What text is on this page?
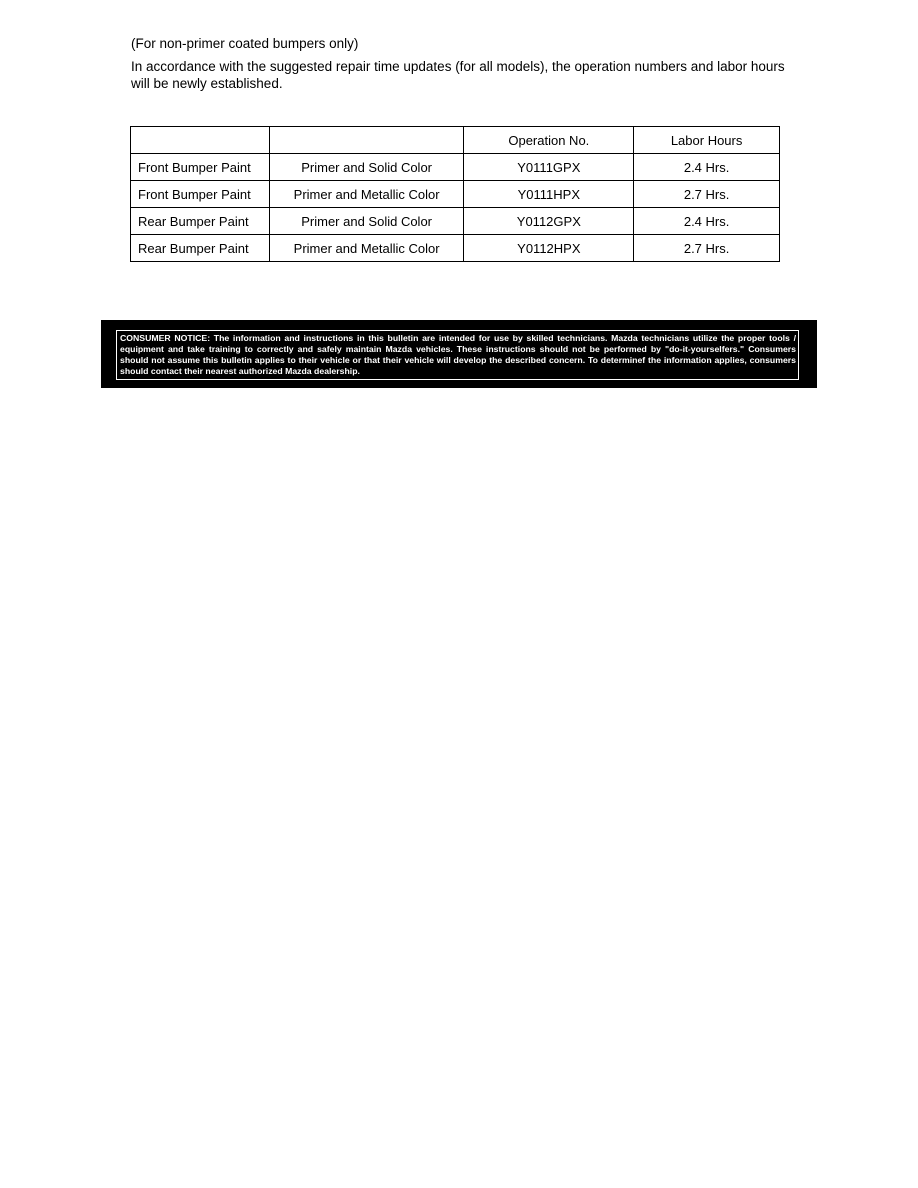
(For non-primer coated bumpers only)
In accordance with the suggested repair time updates (for all models), the operation numbers and labor hours will be newly established.
		Operation No.	Labor Hours
Front Bumper Paint	Primer and Solid Color	Y0111GPX	2.4 Hrs.
Front Bumper Paint	Primer and Metallic Color	Y0111HPX	2.7 Hrs.
Rear Bumper Paint	Primer and Solid Color	Y0112GPX	2.4 Hrs.
Rear Bumper Paint	Primer and Metallic Color	Y0112HPX	2.7 Hrs.
CONSUMER NOTICE: The information and instructions in this bulletin are intended for use by skilled technicians. Mazda technicians utilize the proper tools / equipment and take training to correctly and safely maintain Mazda vehicles. These instructions should not be performed by "do-it-yourselfers." Consumers should not assume this bulletin applies to their vehicle or that their vehicle will develop the described concern. To determinef the information applies, consumers should contact their nearest authorized Mazda dealership.
